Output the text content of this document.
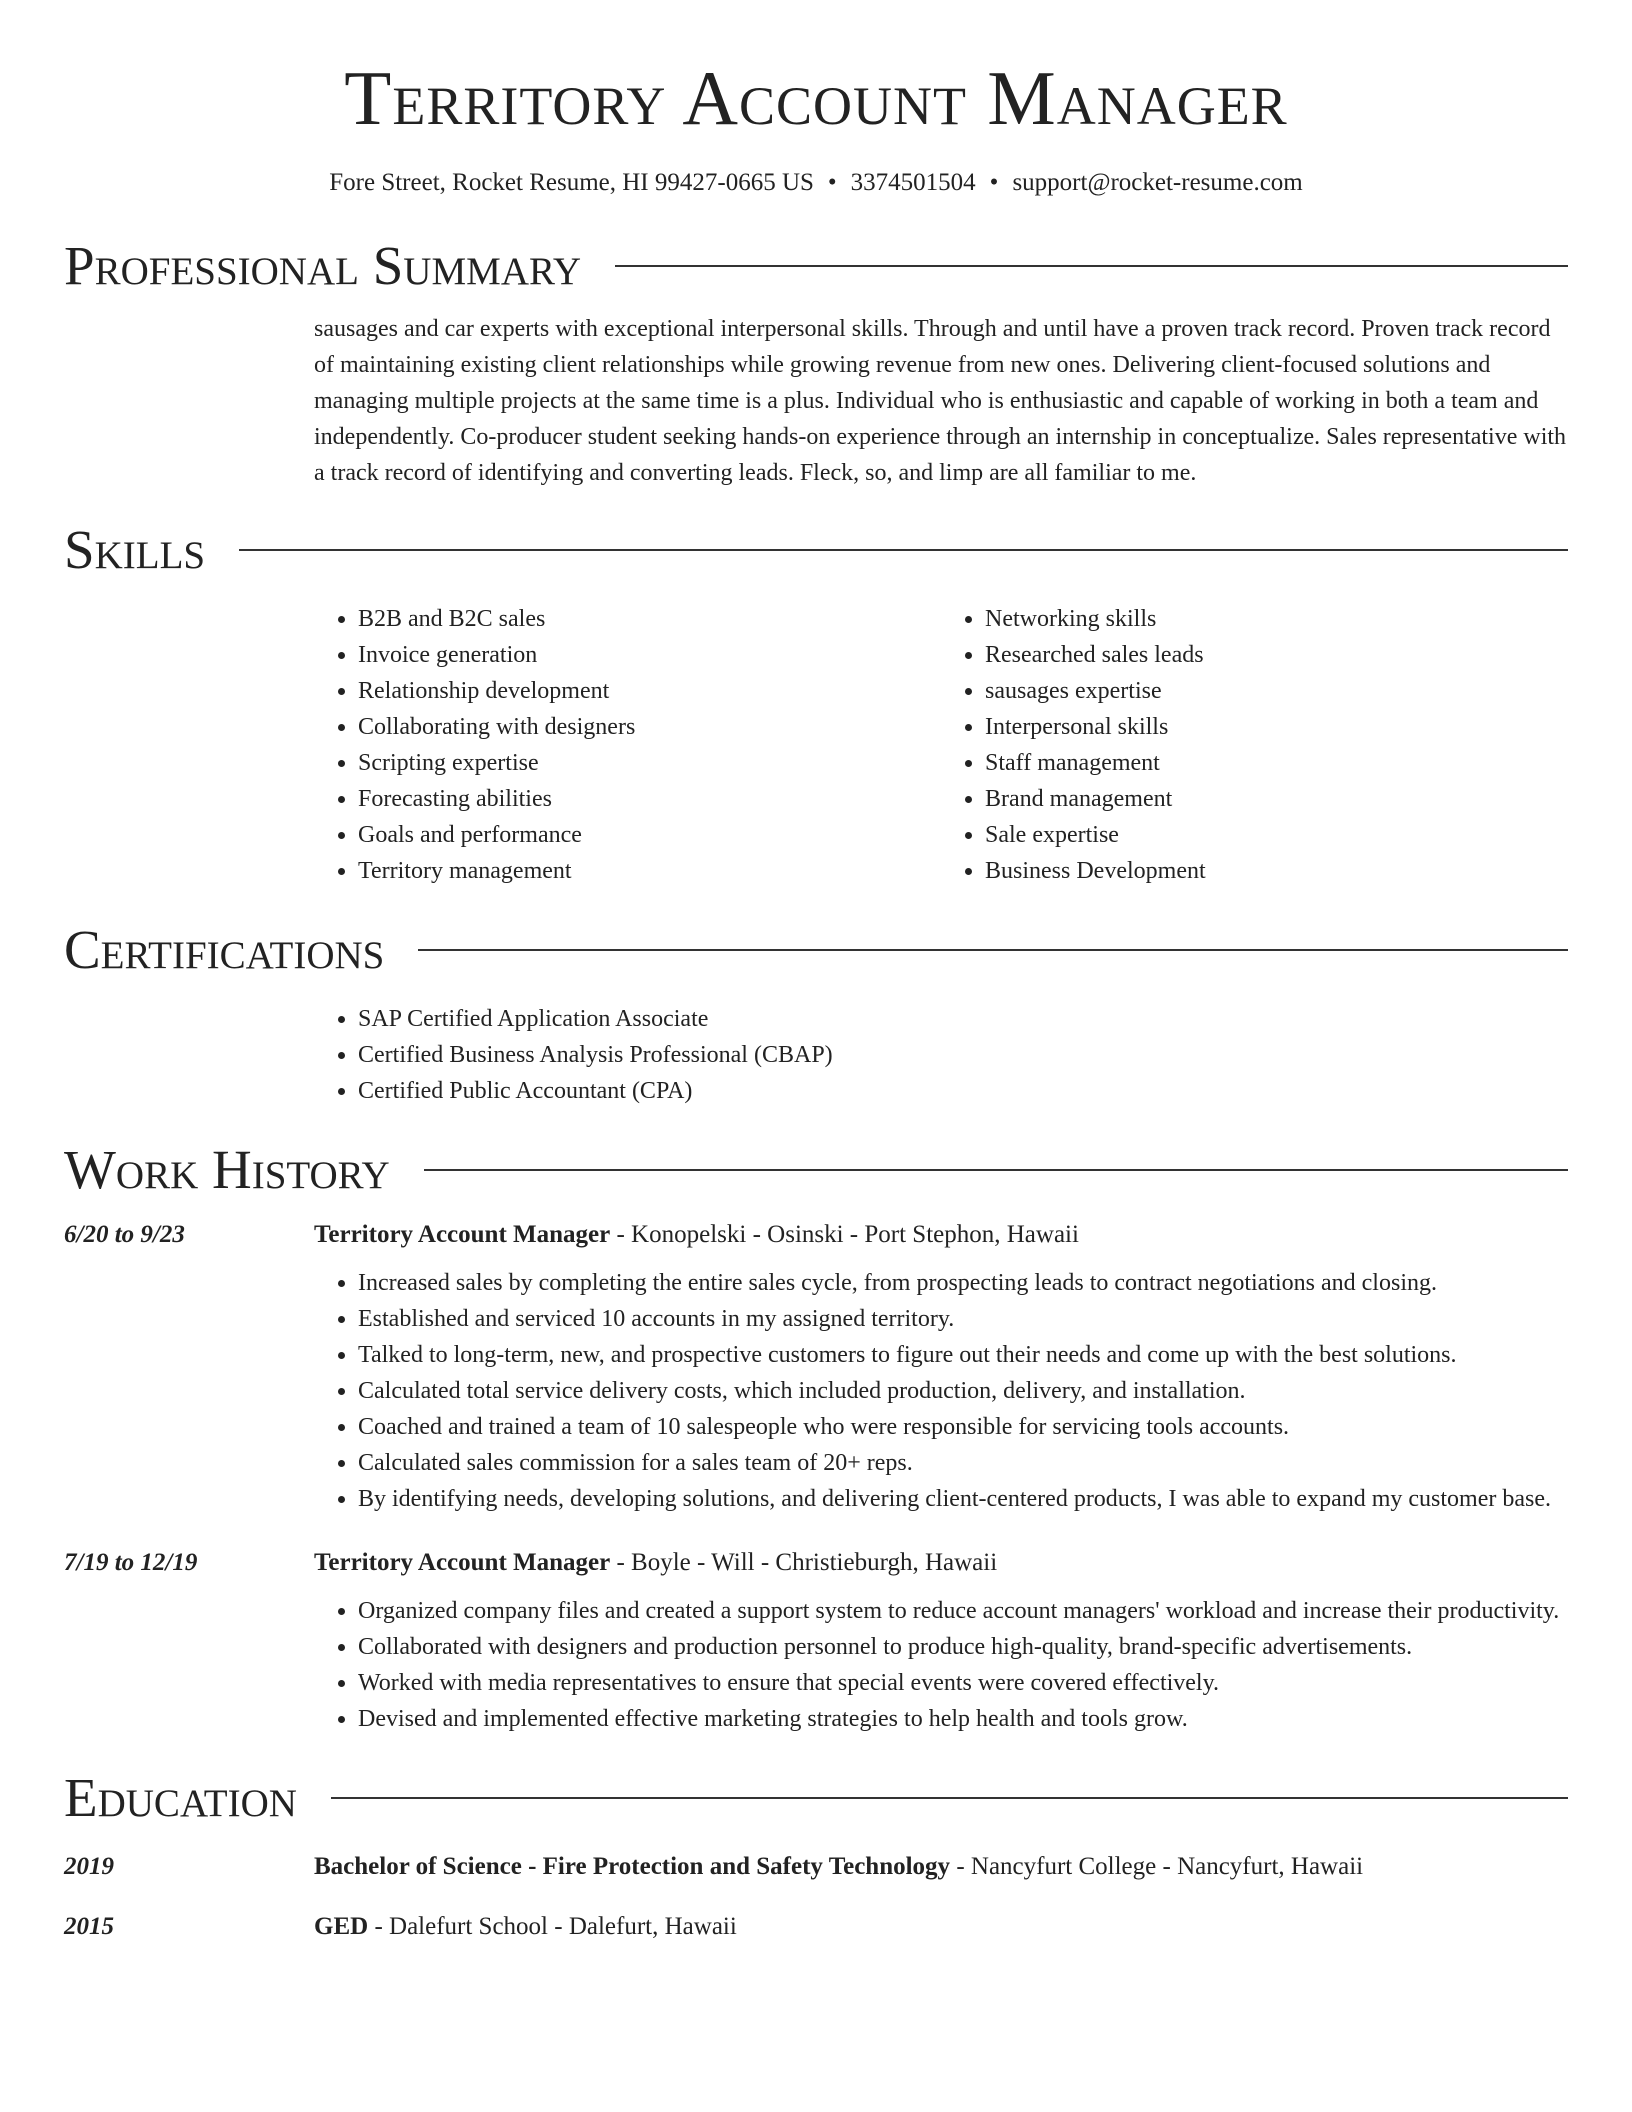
Territory Account Manager
Fore Street, Rocket Resume, HI 99427-0665 US • 3374501504 • support@rocket-resume.com
Professional Summary
sausages and car experts with exceptional interpersonal skills. Through and until have a proven track record. Proven track record of maintaining existing client relationships while growing revenue from new ones. Delivering client-focused solutions and managing multiple projects at the same time is a plus. Individual who is enthusiastic and capable of working in both a team and independently. Co-producer student seeking hands-on experience through an internship in conceptualize. Sales representative with a track record of identifying and converting leads. Fleck, so, and limp are all familiar to me.
Skills
• B2B and B2C sales
• Invoice generation
• Relationship development
• Collaborating with designers
• Scripting expertise
• Forecasting abilities
• Goals and performance
• Territory management
• Networking skills
• Researched sales leads
• sausages expertise
• Interpersonal skills
• Staff management
• Brand management
• Sale expertise
• Business Development
Certifications
• SAP Certified Application Associate
• Certified Business Analysis Professional (CBAP)
• Certified Public Accountant (CPA)
Work History
6/20 to 9/23	Territory Account Manager - Konopelski - Osinski - Port Stephon, Hawaii
• Increased sales by completing the entire sales cycle, from prospecting leads to contract negotiations and closing.
• Established and serviced 10 accounts in my assigned territory.
• Talked to long-term, new, and prospective customers to figure out their needs and come up with the best solutions.
• Calculated total service delivery costs, which included production, delivery, and installation.
• Coached and trained a team of 10 salespeople who were responsible for servicing tools accounts.
• Calculated sales commission for a sales team of 20+ reps.
• By identifying needs, developing solutions, and delivering client-centered products, I was able to expand my customer base.
7/19 to 12/19	Territory Account Manager - Boyle - Will - Christieburgh, Hawaii
• Organized company files and created a support system to reduce account managers' workload and increase their productivity.
• Collaborated with designers and production personnel to produce high-quality, brand-specific advertisements.
• Worked with media representatives to ensure that special events were covered effectively.
• Devised and implemented effective marketing strategies to help health and tools grow.
Education
2019	Bachelor of Science - Fire Protection and Safety Technology - Nancyfurt College - Nancyfurt, Hawaii
2015	GED - Dalefurt School - Dalefurt, Hawaii
